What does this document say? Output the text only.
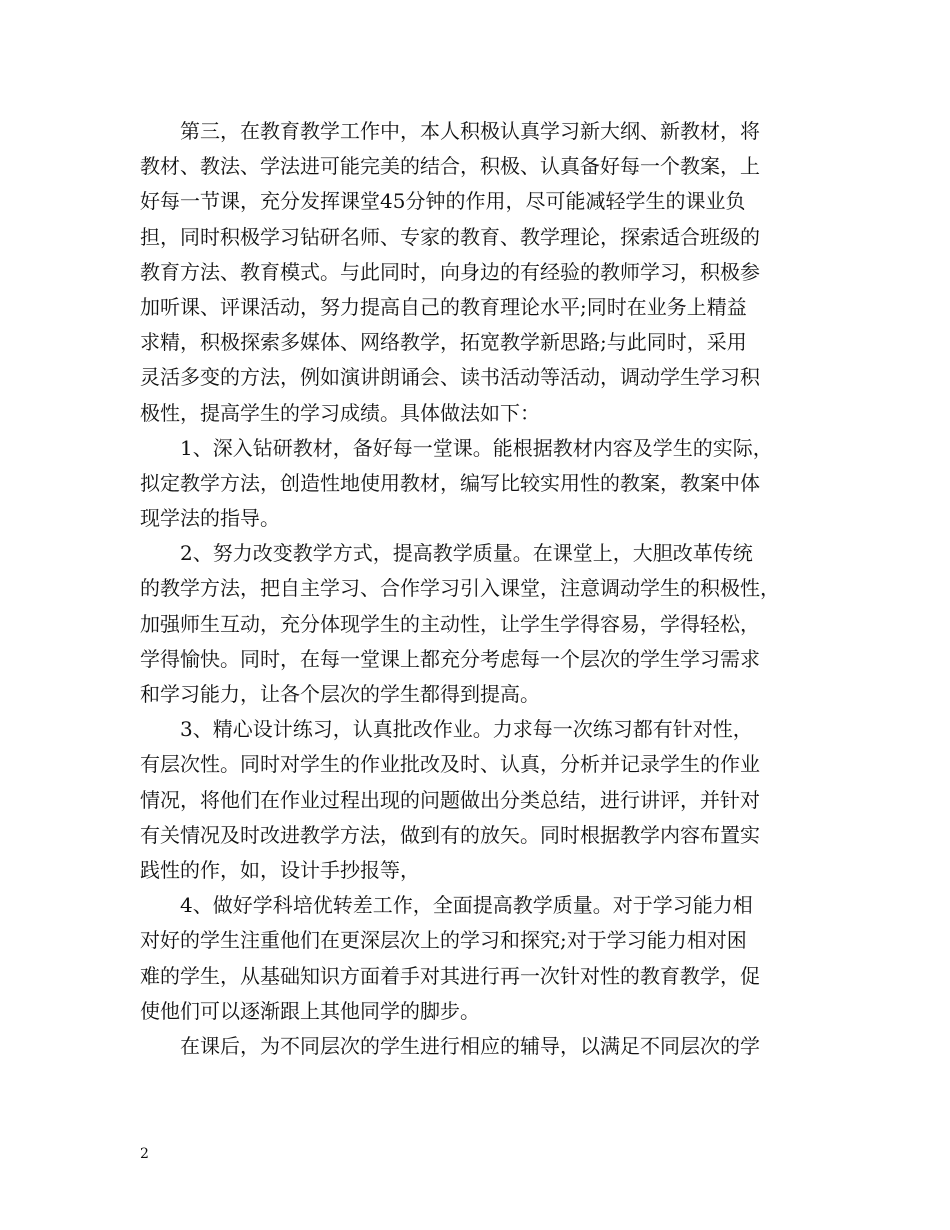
第三，在教育教学工作中，本人积极认真学习新大纲、新教材，将
教材、教法、学法进可能完美的结合，积极、认真备好每一个教案，上
好每一节课，充分发挥课堂45分钟的作用，尽可能减轻学生的课业负
担，同时积极学习钻研名师、专家的教育、教学理论，探索适合班级的
教育方法、教育模式。与此同时，向身边的有经验的教师学习，积极参
加听课、评课活动，努力提高自己的教育理论水平;同时在业务上精益
求精，积极探索多媒体、网络教学，拓宽教学新思路;与此同时，采用
灵活多变的方法，例如演讲朗诵会、读书活动等活动，调动学生学习积
极性，提高学生的学习成绩。具体做法如下：
1、深入钻研教材，备好每一堂课。能根据教材内容及学生的实际，
拟定教学方法，创造性地使用教材，编写比较实用性的教案，教案中体
现学法的指导。
2、努力改变教学方式，提高教学质量。在课堂上，大胆改革传统
的教学方法，把自主学习、合作学习引入课堂，注意调动学生的积极性，
加强师生互动，充分体现学生的主动性，让学生学得容易，学得轻松，
学得愉快。同时，在每一堂课上都充分考虑每一个层次的学生学习需求
和学习能力，让各个层次的学生都得到提高。
3、精心设计练习，认真批改作业。力求每一次练习都有针对性，
有层次性。同时对学生的作业批改及时、认真，分析并记录学生的作业
情况，将他们在作业过程出现的问题做出分类总结，进行讲评，并针对
有关情况及时改进教学方法，做到有的放矢。同时根据教学内容布置实
践性的作，如，设计手抄报等，
4、做好学科培优转差工作，全面提高教学质量。对于学习能力相
对好的学生注重他们在更深层次上的学习和探究;对于学习能力相对困
难的学生，从基础知识方面着手对其进行再一次针对性的教育教学，促
使他们可以逐渐跟上其他同学的脚步。
在课后，为不同层次的学生进行相应的辅导，以满足不同层次的学
2
